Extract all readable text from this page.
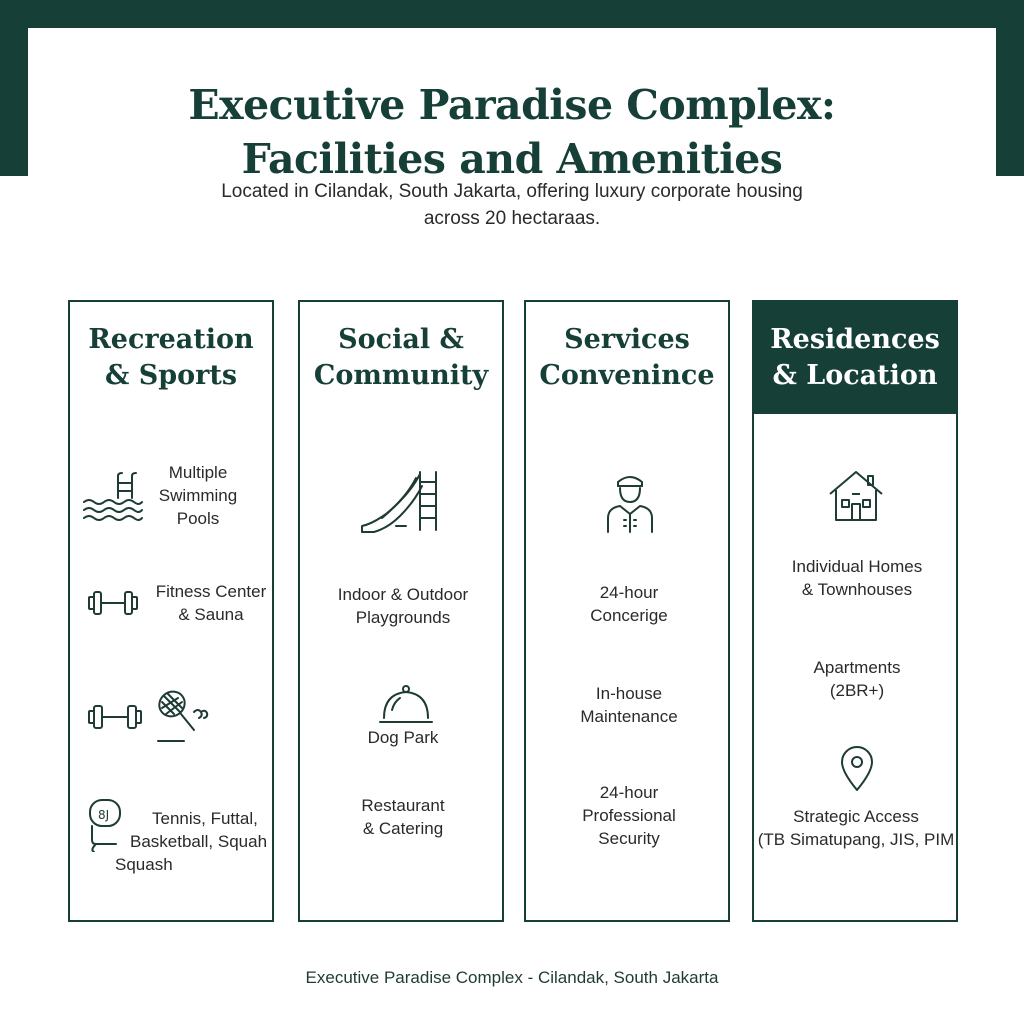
Executive Paradise Complex:
Facilities and Amenities
Located in Cilandak, South Jakarta, offering luxury corporate housing
across 20 hectaraas.
Recreation
& Sports
Multiple
Swimming
Pools
Fitness Center
& Sauna
8J	Tennis, Futtal,
Basketball, Squah
Squash
Social &
Community
Indoor & Outdoor
Playgrounds
Dog Park
Restaurant
& Catering
Services
Convenince
24-hour
Concerige
In-house
Maintenance
24-hour
Professional
Security
Residences
& Location
Individual Homes
& Townhouses
Apartments
(2BR+)
Strategic Access
(TB Simatupang, JIS, PIM
Executive Paradise Complex - Cilandak, South Jakarta
